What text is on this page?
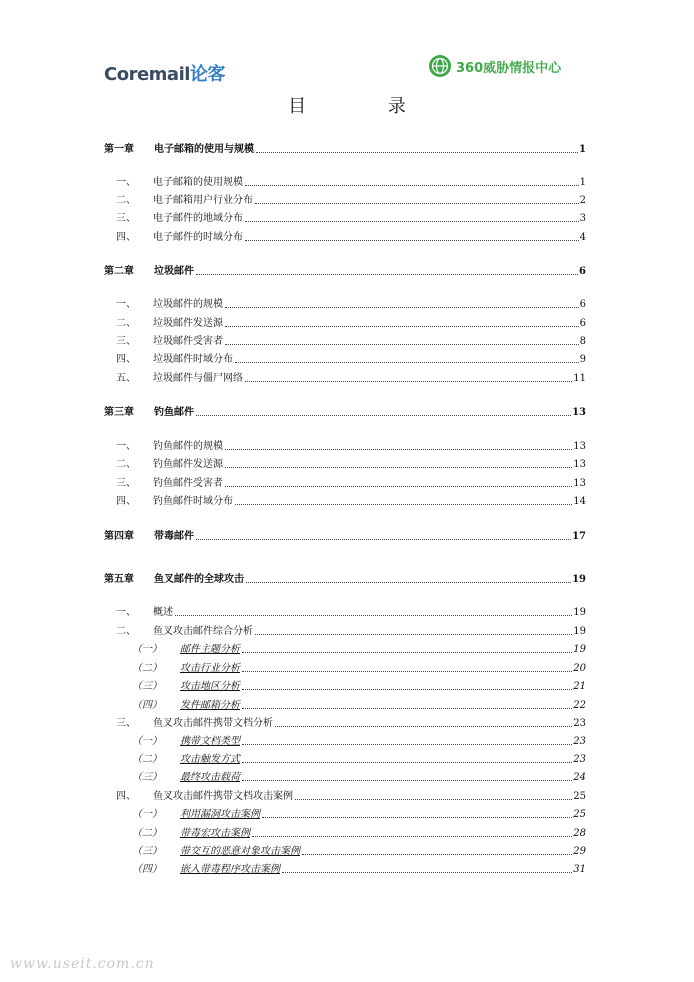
Coremail论客	360威胁情报中心
目 录
第一章	电子邮箱的使用与规模	1
一、	电子邮箱的使用规模	1
二、	电子邮箱用户行业分布	2
三、	电子邮件的地域分布	3
四、	电子邮件的时域分布	4
第二章	垃圾邮件	6
一、	垃圾邮件的规模	6
二、	垃圾邮件发送源	6
三、	垃圾邮件受害者	8
四、	垃圾邮件时域分布	9
五、	垃圾邮件与僵尸网络	11
第三章	钓鱼邮件	13
一、	钓鱼邮件的规模	13
二、	钓鱼邮件发送源	13
三、	钓鱼邮件受害者	13
四、	钓鱼邮件时域分布	14
第四章	带毒邮件	17
第五章	鱼叉邮件的全球攻击	19
一、	概述	19
二、	鱼叉攻击邮件综合分析	19
（一）	邮件主题分析	19
（二）	攻击行业分析	20
（三）	攻击地区分析	21
（四）	发件邮箱分析	22
三、	鱼叉攻击邮件携带文档分析	23
（一）	携带文档类型	23
（二）	攻击触发方式	23
（三）	最终攻击载荷	24
四、	鱼叉攻击邮件携带文档攻击案例	25
（一）	利用漏洞攻击案例	25
（二）	带毒宏攻击案例	28
（三）	带交互的恶意对象攻击案例	29
（四）	嵌入带毒程序攻击案例	31
www.useit.com.cn
